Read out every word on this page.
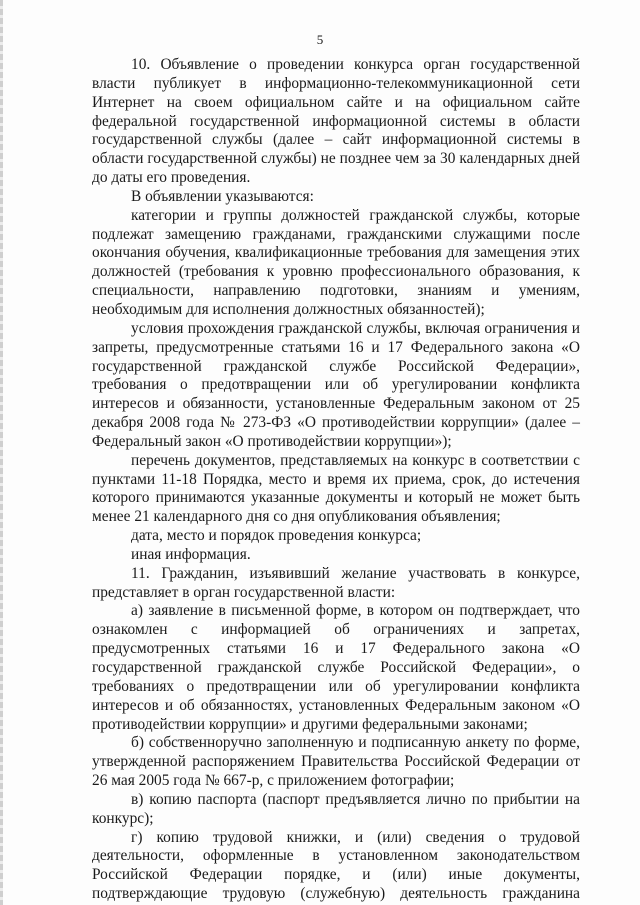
5

10. Объявление о проведении конкурса орган государственной власти публикует в информационно-телекоммуникационной сети Интернет на своем официальном сайте и на официальном сайте федеральной государственной информационной системы в области государственной службы (далее – сайт информационной системы в области государственной службы) не позднее чем за 30 календарных дней до даты его проведения.

В объявлении указываются:

категории и группы должностей гражданской службы, которые подлежат замещению гражданами, гражданскими служащими после окончания обучения, квалификационные требования для замещения этих должностей (требования к уровню профессионального образования, к специальности, направлению подготовки, знаниям и умениям, необходимым для исполнения должностных обязанностей);

условия прохождения гражданской службы, включая ограничения и запреты, предусмотренные статьями 16 и 17 Федерального закона «О государственной гражданской службе Российской Федерации», требования о предотвращении или об урегулировании конфликта интересов и обязанности, установленные Федеральным законом от 25 декабря 2008 года № 273-ФЗ «О противодействии коррупции» (далее – Федеральный закон «О противодействии коррупции»);

перечень документов, представляемых на конкурс в соответствии с пунктами 11-18 Порядка, место и время их приема, срок, до истечения которого принимаются указанные документы и который не может быть менее 21 календарного дня со дня опубликования объявления;

дата, место и порядок проведения конкурса;

иная информация.

11. Гражданин, изъявивший желание участвовать в конкурсе, представляет в орган государственной власти:

а) заявление в письменной форме, в котором он подтверждает, что ознакомлен с информацией об ограничениях и запретах, предусмотренных статьями 16 и 17 Федерального закона «О государственной гражданской службе Российской Федерации», о требованиях о предотвращении или об урегулировании конфликта интересов и об обязанностях, установленных Федеральным законом «О противодействии коррупции» и другими федеральными законами;

б) собственноручно заполненную и подписанную анкету по форме, утвержденной распоряжением Правительства Российской Федерации от 26 мая 2005 года № 667-р, с приложением фотографии;

в) копию паспорта (паспорт предъявляется лично по прибытии на конкурс);

г) копию трудовой книжки, и (или) сведения о трудовой деятельности, оформленные в установленном законодательством Российской Федерации порядке, и (или) иные документы, подтверждающие трудовую (служебную) деятельность гражданина
